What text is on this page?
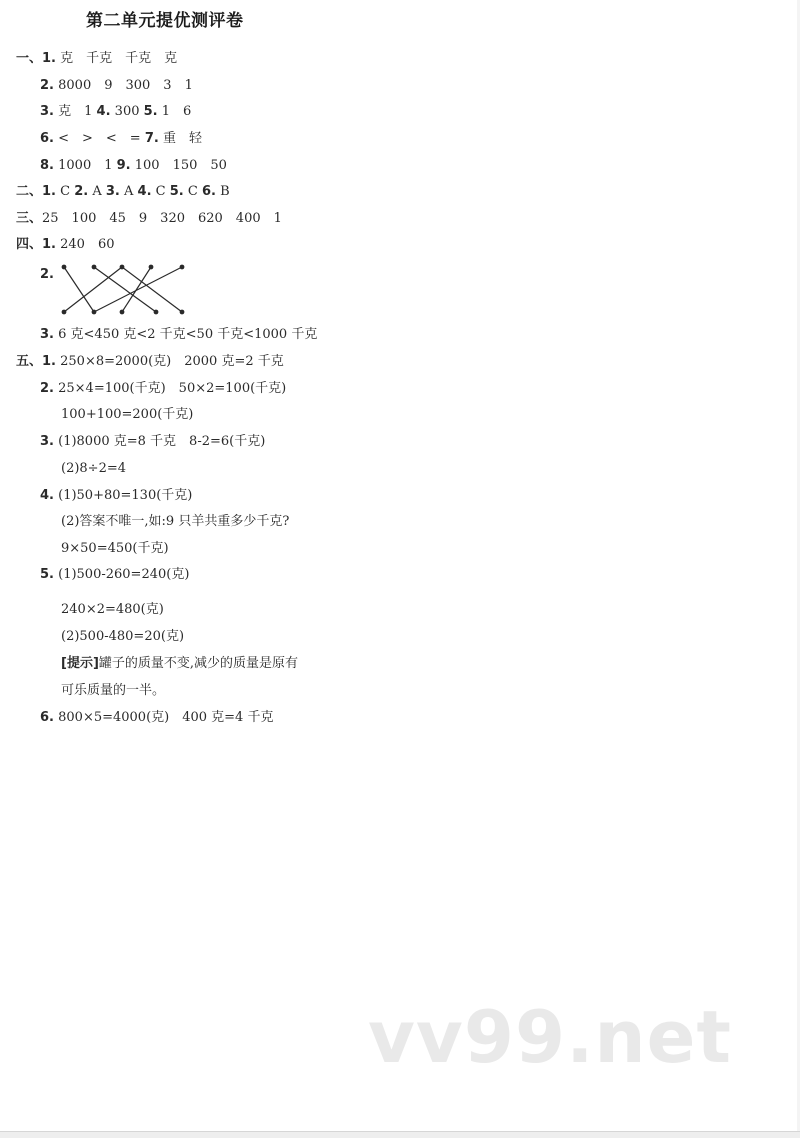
第二单元提优测评卷
一、1. 克　千克　千克　克
2. 8000　9　300　3　1
3. 克　1 4. 300 5. 1　6
6. <　>　<　= 7. 重　轻
8. 1000　1 9. 100　150　50
二、1. C 2. A 3. A 4. C 5. C 6. B
三、25　100　45　9　320　620　400　1
四、1. 240　60
2.
3. 6 克<450 克<2 千克<50 千克<1000 千克
五、1. 250×8=2000(克)　2000 克=2 千克
2. 25×4=100(千克)　50×2=100(千克)
100+100=200(千克)
3. (1)8000 克=8 千克　8-2=6(千克)
(2)8÷2=4
4. (1)50+80=130(千克)
(2)答案不唯一,如:9 只羊共重多少千克?
9×50=450(千克)
5. (1)500-260=240(克)
240×2=480(克)
(2)500-480=20(克)
[提示]罐子的质量不变,减少的质量是原有
可乐质量的一半。
6. 800×5=4000(克)　400 克=4 千克
vv99.net
